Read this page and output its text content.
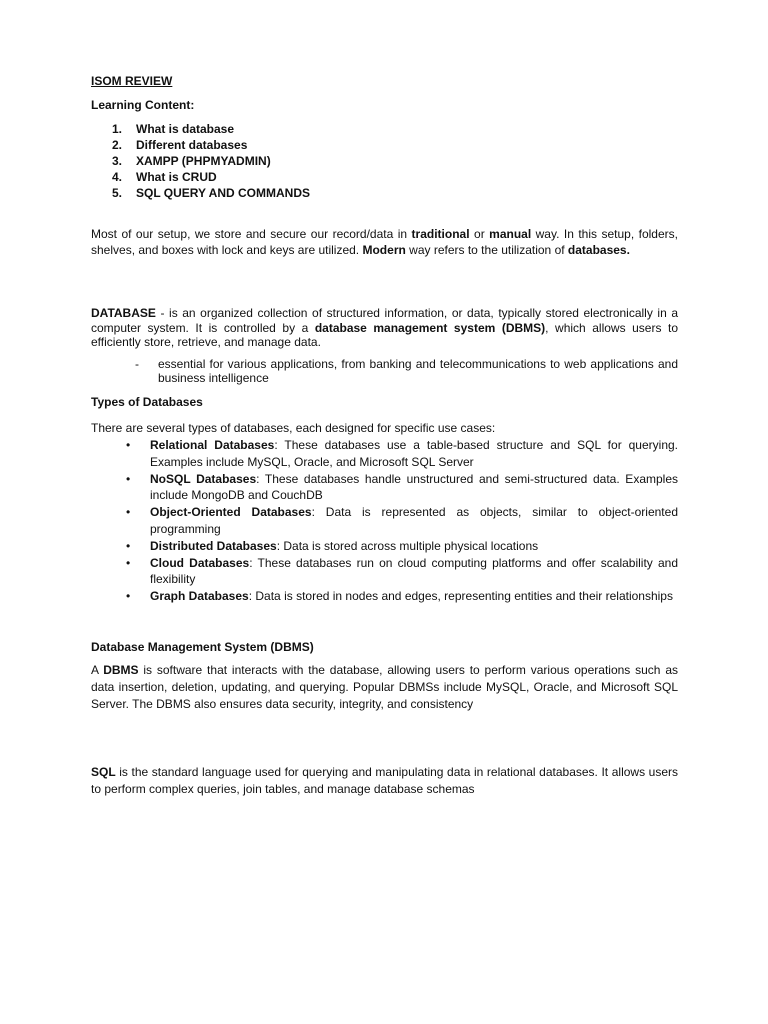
ISOM REVIEW
Learning Content:
1. What is database
2. Different databases
3. XAMPP (PHPMYADMIN)
4. What is CRUD
5. SQL QUERY AND COMMANDS
Most of our setup, we store and secure our record/data in traditional or manual way. In this setup, folders, shelves, and boxes with lock and keys are utilized. Modern way refers to the utilization of databases.
DATABASE - is an organized collection of structured information, or data, typically stored electronically in a computer system. It is controlled by a database management system (DBMS), which allows users to efficiently store, retrieve, and manage data.
- essential for various applications, from banking and telecommunications to web applications and business intelligence
Types of Databases
There are several types of databases, each designed for specific use cases:
• Relational Databases: These databases use a table-based structure and SQL for querying. Examples include MySQL, Oracle, and Microsoft SQL Server
• NoSQL Databases: These databases handle unstructured and semi-structured data. Examples include MongoDB and CouchDB
• Object-Oriented Databases: Data is represented as objects, similar to object-oriented programming
• Distributed Databases: Data is stored across multiple physical locations
• Cloud Databases: These databases run on cloud computing platforms and offer scalability and flexibility
• Graph Databases: Data is stored in nodes and edges, representing entities and their relationships
Database Management System (DBMS)
A DBMS is software that interacts with the database, allowing users to perform various operations such as data insertion, deletion, updating, and querying. Popular DBMSs include MySQL, Oracle, and Microsoft SQL Server. The DBMS also ensures data security, integrity, and consistency
SQL is the standard language used for querying and manipulating data in relational databases. It allows users to perform complex queries, join tables, and manage database schemas
